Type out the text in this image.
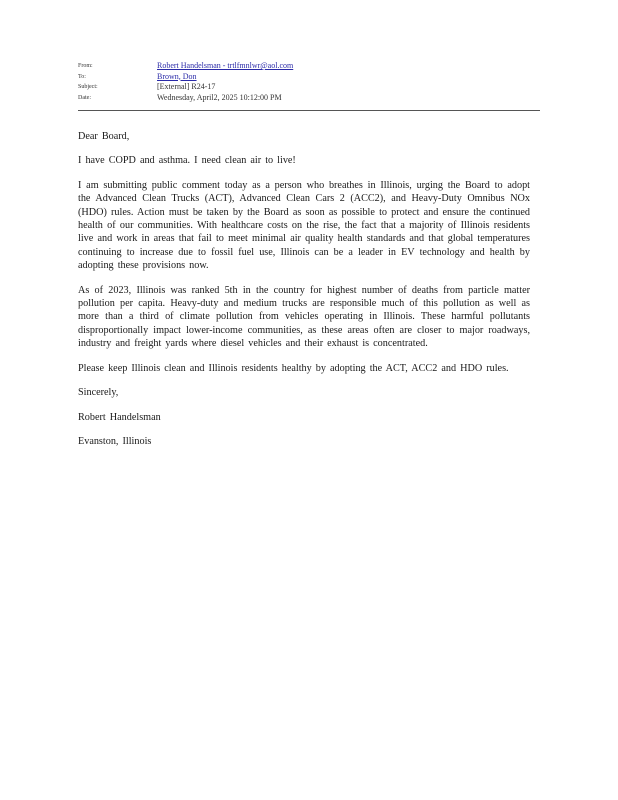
From:	Robert Handelsman - trtlfmnlwr@aol.com
To:	Brown, Don
Subject:	[External] R24-17
Date:	Wednesday, April2, 2025 10:12:00 PM

Dear Board,

I have COPD and asthma. I need clean air to live!

I am submitting public comment today as a person who breathes in Illinois, urging the Board to adopt the Advanced Clean Trucks (ACT), Advanced Clean Cars 2 (ACC2), and Heavy-Duty Omnibus NOx (HDO) rules. Action must be taken by the Board as soon as possible to protect and ensure the continued health of our communities. With healthcare costs on the rise, the fact that a majority of Illinois residents live and work in areas that fail to meet minimal air quality health standards and that global temperatures continuing to increase due to fossil fuel use, Illinois can be a leader in EV technology and health by adopting these provisions now.

As of 2023, Illinois was ranked 5th in the country for highest number of deaths from particle matter pollution per capita. Heavy-duty and medium trucks are responsible much of this pollution as well as more than a third of climate pollution from vehicles operating in Illinois. These harmful pollutants disproportionally impact lower-income communities, as these areas often are closer to major roadways, industry and freight yards where diesel vehicles and their exhaust is concentrated.

Please keep Illinois clean and Illinois residents healthy by adopting the ACT, ACC2 and HDO rules.

Sincerely,

Robert Handelsman

Evanston, Illinois
